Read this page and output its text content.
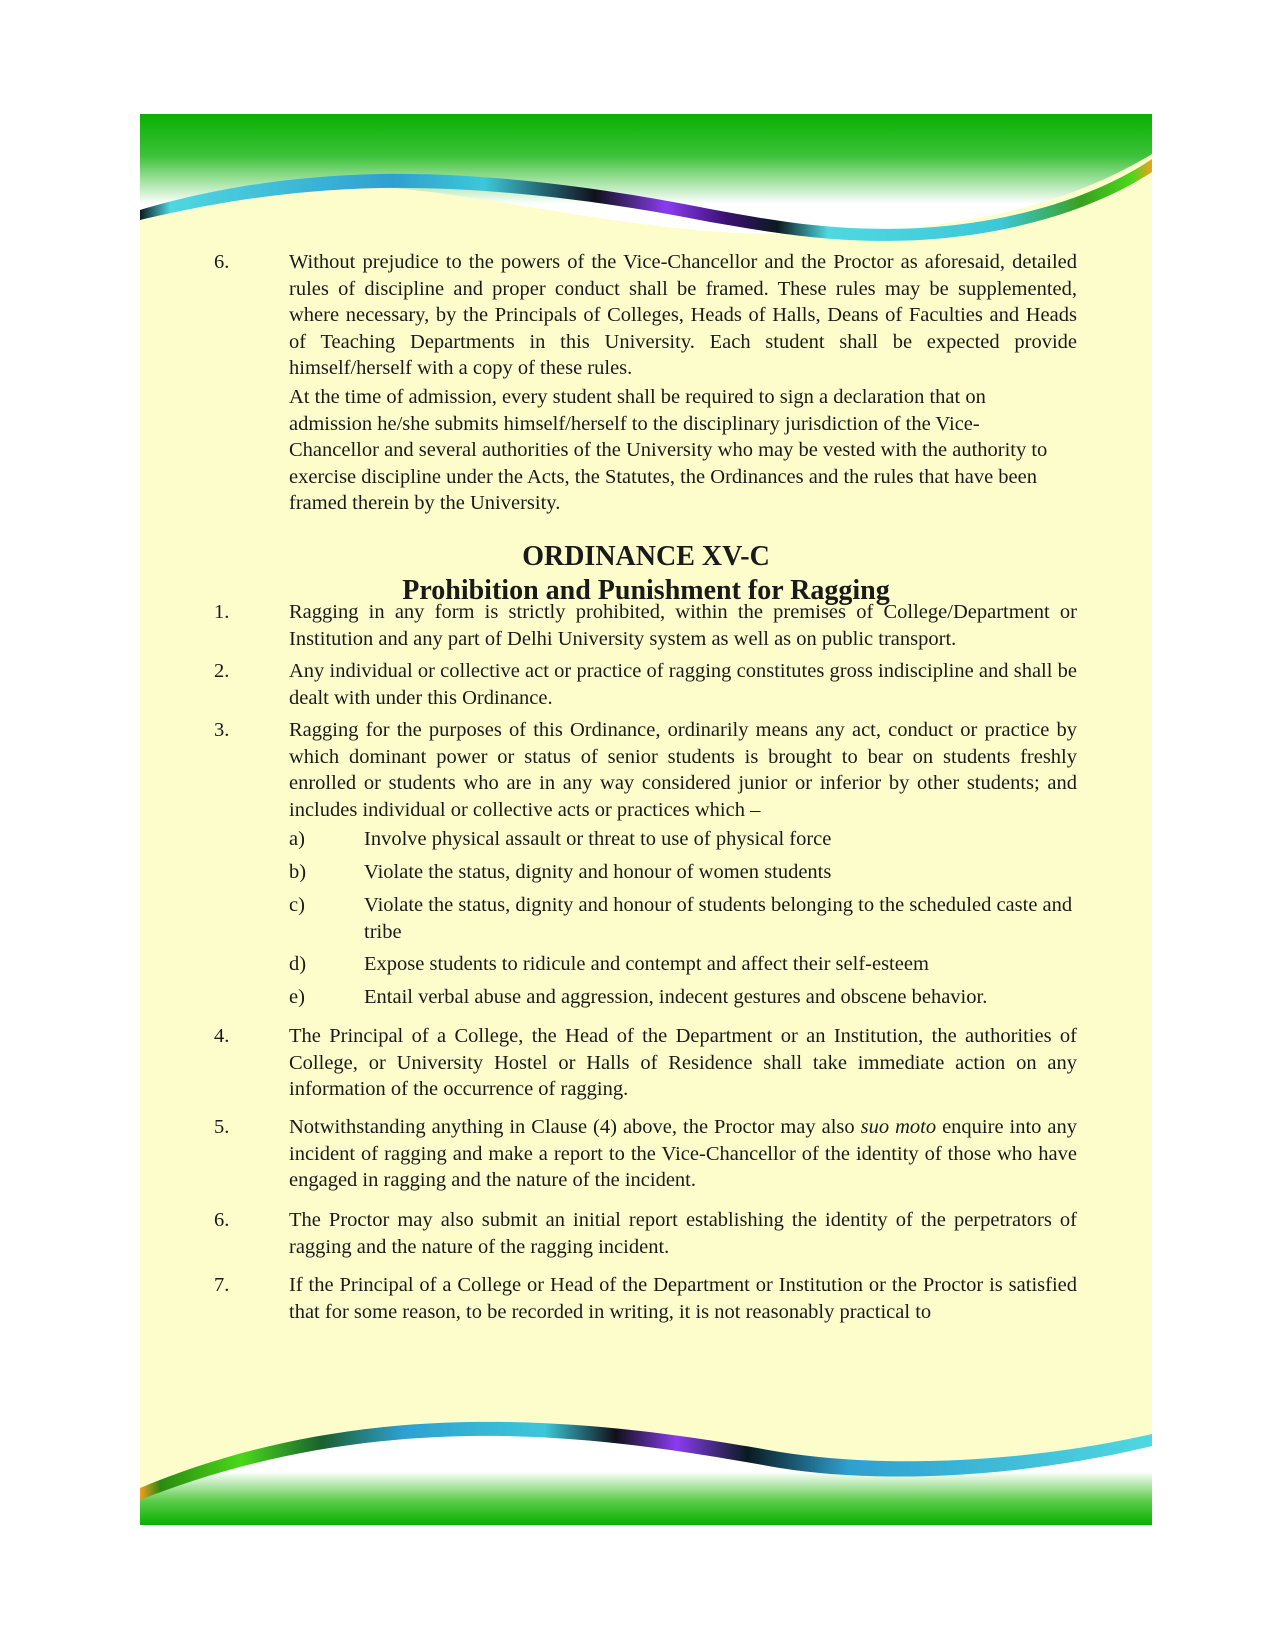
6.	Without prejudice to the powers of the Vice-Chancellor and the Proctor as aforesaid, detailed rules of discipline and proper conduct shall be framed. These rules may be supplemented, where necessary, by the Principals of Colleges, Heads of Halls, Deans of Faculties and Heads of Teaching Departments in this University. Each student shall be expected provide himself/herself with a copy of these rules.
At the time of admission, every student shall be required to sign a declaration that on admission he/she submits himself/herself to the disciplinary jurisdiction of the Vice-Chancellor and several authorities of the University who may be vested with the authority to exercise discipline under the Acts, the Statutes, the Ordinances and the rules that have been framed therein by the University.
ORDINANCE XV-C
Prohibition and Punishment for Ragging
1.	Ragging in any form is strictly prohibited, within the premises of College/Department or Institution and any part of Delhi University system as well as on public transport.
2.	Any individual or collective act or practice of ragging constitutes gross indiscipline and shall be dealt with under this Ordinance.
3.	Ragging for the purposes of this Ordinance, ordinarily means any act, conduct or practice by which dominant power or status of senior students is brought to bear on students freshly enrolled or students who are in any way considered junior or inferior by other students; and includes individual or collective acts or practices which –
a)	Involve physical assault or threat to use of physical force
b)	Violate the status, dignity and honour of women students
c)	Violate the status, dignity and honour of students belonging to the scheduled caste and tribe
d)	Expose students to ridicule and contempt and affect their self-esteem
e)	Entail verbal abuse and aggression, indecent gestures and obscene behavior.
4.	The Principal of a College, the Head of the Department or an Institution, the authorities of College, or University Hostel or Halls of Residence shall take immediate action on any information of the occurrence of ragging.
5.	Notwithstanding anything in Clause (4) above, the Proctor may also suo moto enquire into any incident of ragging and make a report to the Vice-Chancellor of the identity of those who have engaged in ragging and the nature of the incident.
6.	The Proctor may also submit an initial report establishing the identity of the perpetrators of ragging and the nature of the ragging incident.
7.	If the Principal of a College or Head of the Department or Institution or the Proctor is satisfied that for some reason, to be recorded in writing, it is not reasonably practical to
